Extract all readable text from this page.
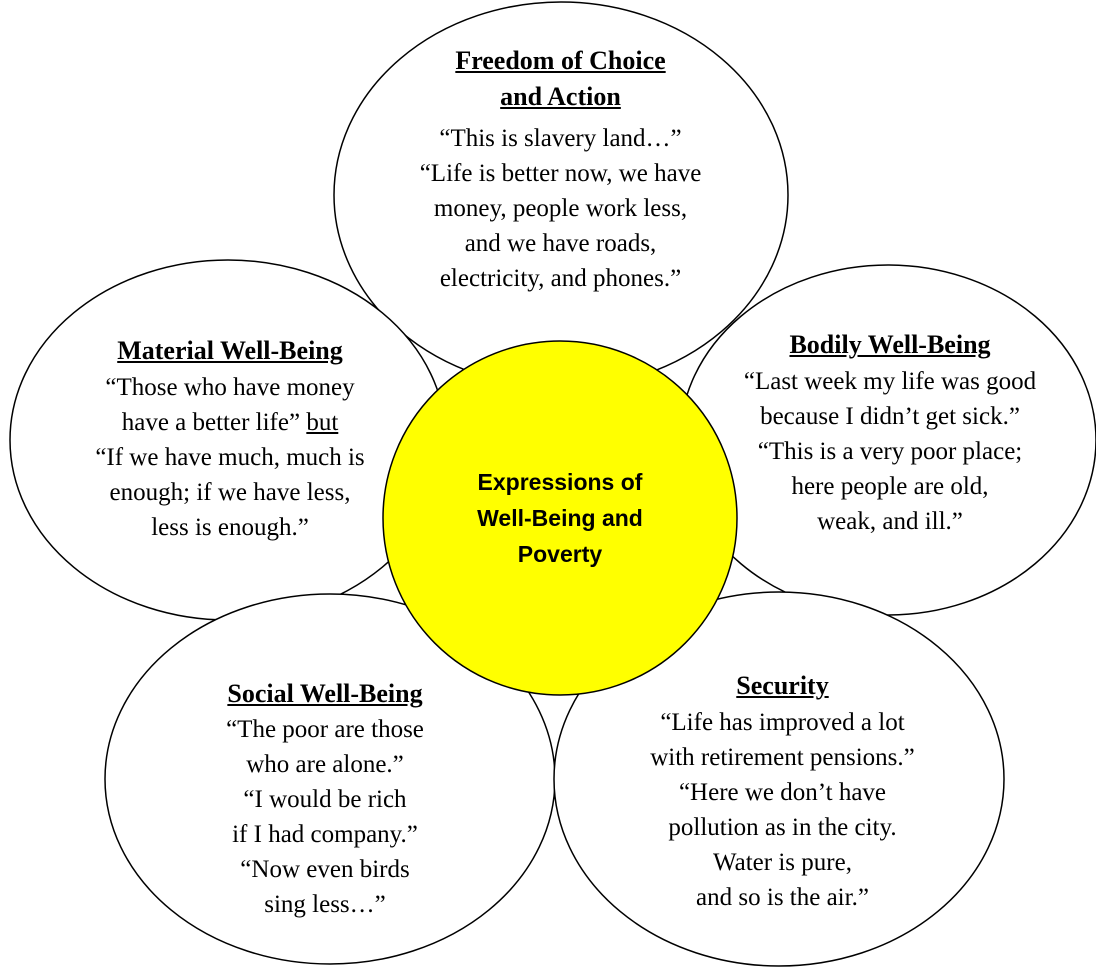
Freedom of Choice
and Action
“This is slavery land…”
“Life is better now, we have
money, people work less,
and we have roads,
electricity, and phones.”
Material Well-Being
“Those who have money
have a better life” but
“If we have much, much is
enough; if we have less,
less is enough.”
Bodily Well-Being
“Last week my life was good
because I didn’t get sick.”
“This is a very poor place;
here people are old,
weak, and ill.”
Social Well-Being
“The poor are those
who are alone.”
“I would be rich
if I had company.”
“Now even birds
sing less…”
Security
“Life has improved a lot
with retirement pensions.”
“Here we don’t have
pollution as in the city.
Water is pure,
and so is the air.”
Expressions of
Well-Being and
Poverty
